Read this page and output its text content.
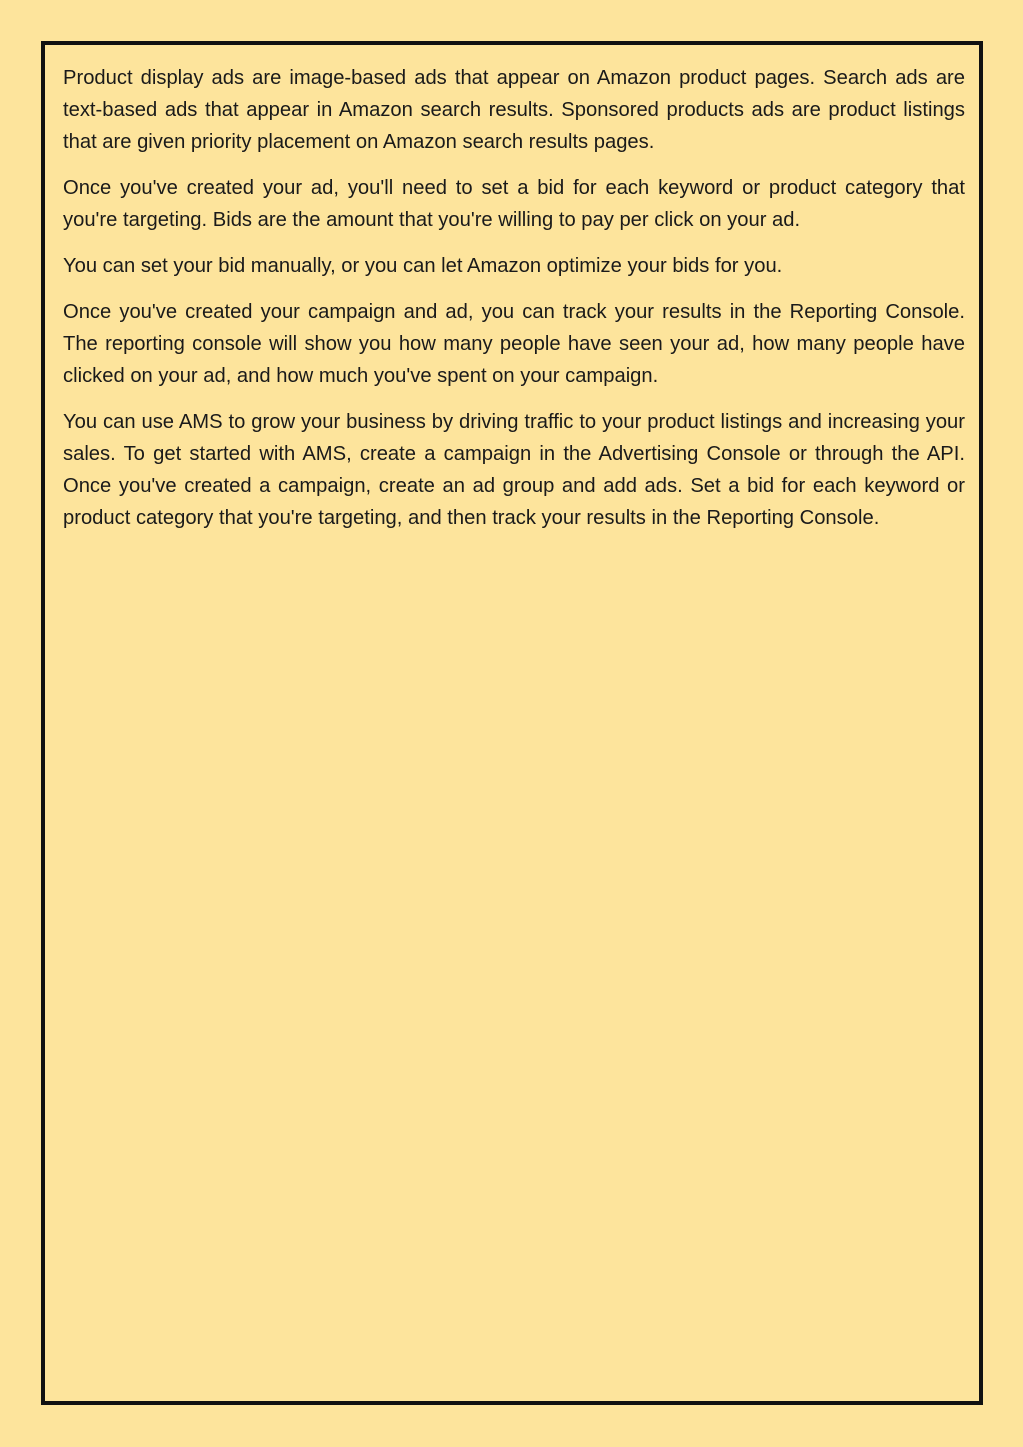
Product display ads are image-based ads that appear on Amazon product pages. Search ads are text-based ads that appear in Amazon search results. Sponsored products ads are product listings that are given priority placement on Amazon search results pages.

Once you've created your ad, you'll need to set a bid for each keyword or product category that you're targeting. Bids are the amount that you're willing to pay per click on your ad.

You can set your bid manually, or you can let Amazon optimize your bids for you.

Once you've created your campaign and ad, you can track your results in the Reporting Console. The reporting console will show you how many people have seen your ad, how many people have clicked on your ad, and how much you've spent on your campaign.

You can use AMS to grow your business by driving traffic to your product listings and increasing your sales. To get started with AMS, create a campaign in the Advertising Console or through the API. Once you've created a campaign, create an ad group and add ads. Set a bid for each keyword or product category that you're targeting, and then track your results in the Reporting Console.
